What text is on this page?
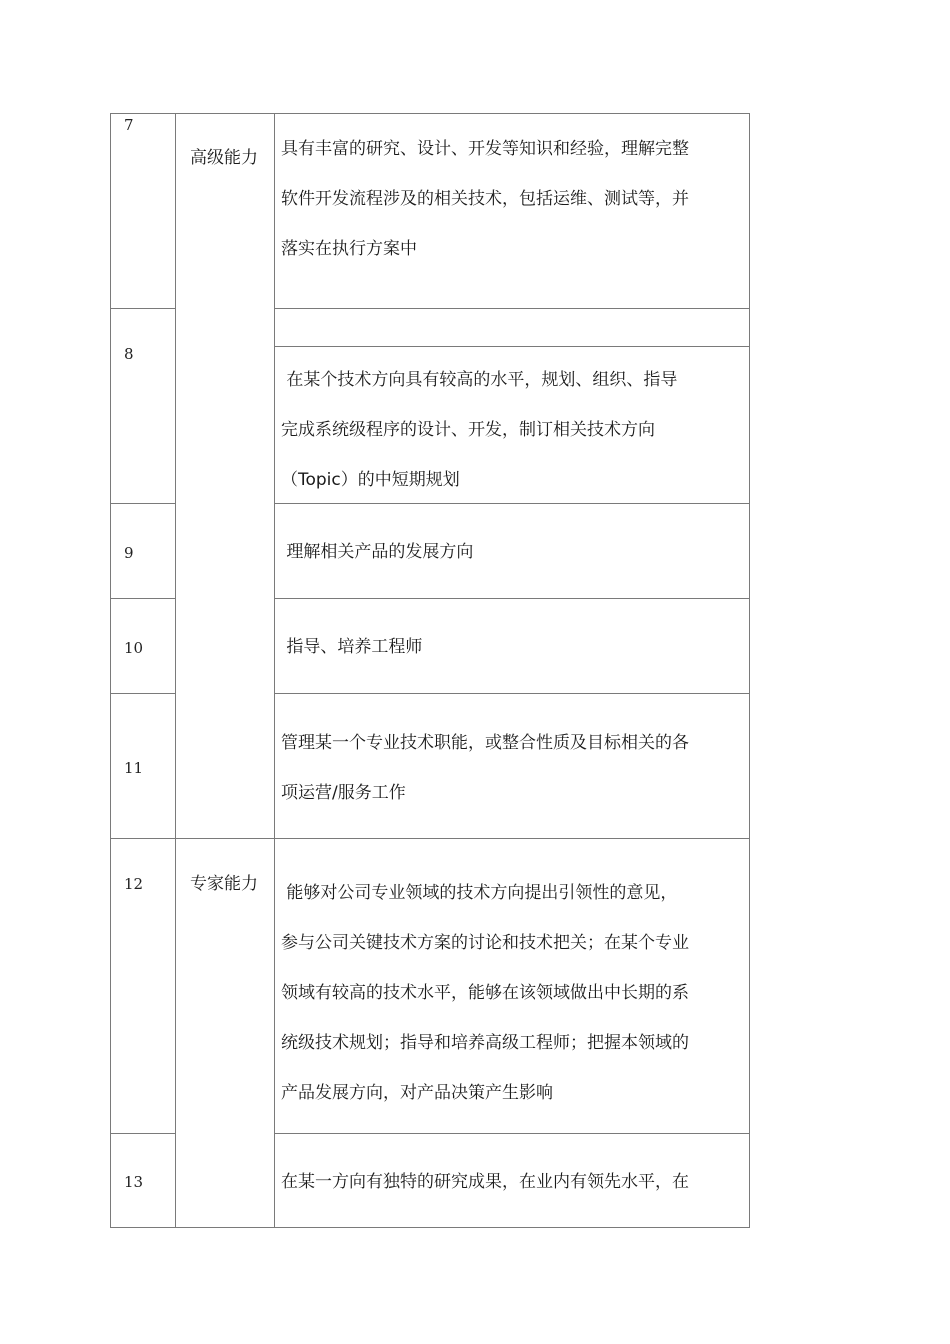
7
8
9
10
11
12
13
高级能力
专家能力
具有丰富的研究、设计、开发等知识和经验，理解完整
软件开发流程涉及的相关技术，包括运维、测试等，并
落实在执行方案中
在某个技术方向具有较高的水平，规划、组织、指导
完成系统级程序的设计、开发，制订相关技术方向
（Topic）的中短期规划
理解相关产品的发展方向
指导、培养工程师
管理某一个专业技术职能，或整合性质及目标相关的各
项运营/服务工作
能够对公司专业领域的技术方向提出引领性的意见，
参与公司关键技术方案的讨论和技术把关；在某个专业
领域有较高的技术水平，能够在该领域做出中长期的系
统级技术规划；指导和培养高级工程师；把握本领域的
产品发展方向，对产品决策产生影响
在某一方向有独特的研究成果，在业内有领先水平，在
